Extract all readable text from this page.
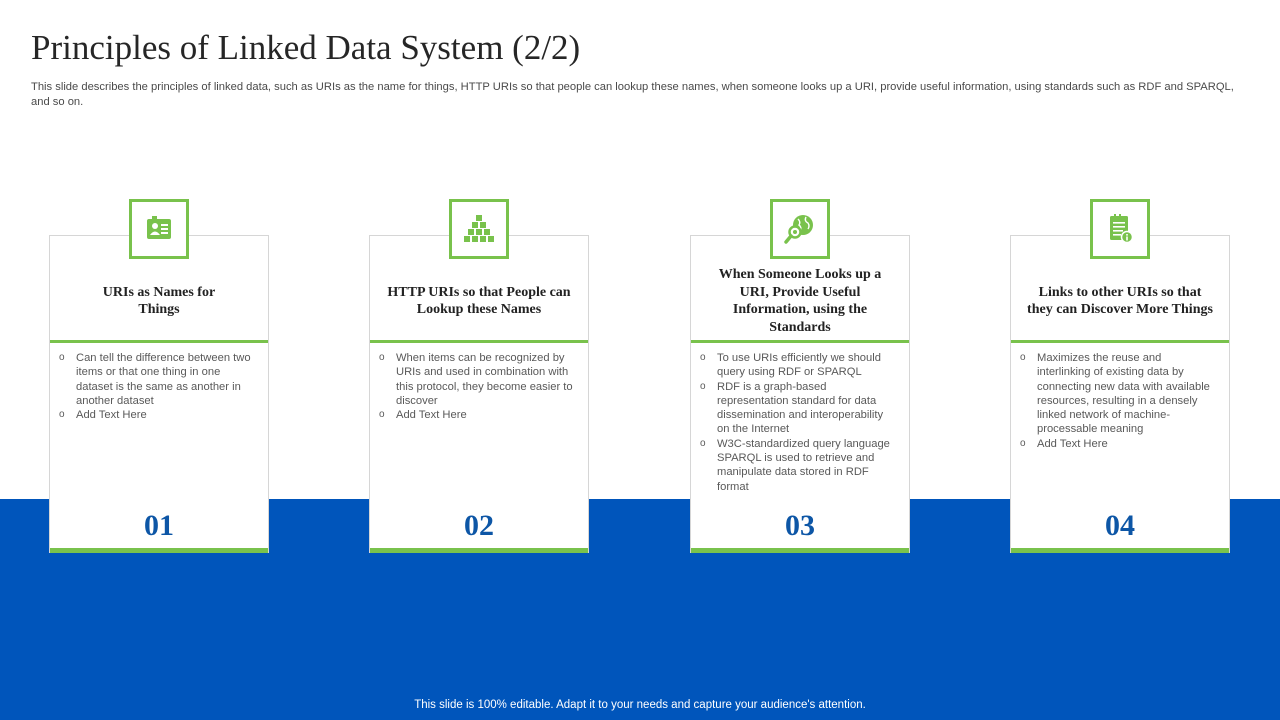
Principles of Linked Data System (2/2)

This slide describes the principles of linked data, such as URIs as the name for things, HTTP URIs so that people can lookup these names, when someone looks up a URI, provide useful information, using standards such as RDF and SPARQL, and so on.

URIs as Names for Things
o Can tell the difference between two items or that one thing in one dataset is the same as another in another dataset
o Add Text Here
01
HTTP URIs so that People can Lookup these Names
o When items can be recognized by URIs and used in combination with this protocol, they become easier to discover
o Add Text Here
02
When Someone Looks up a URI, Provide Useful Information, using the Standards
o To use URIs efficiently we should query using RDF or SPARQL
o RDF is a graph-based representation standard for data dissemination and interoperability on the Internet
o W3C-standardized query language SPARQL is used to retrieve and manipulate data stored in RDF format
03
Links to other URIs so that they can Discover More Things
o Maximizes the reuse and interlinking of existing data by connecting new data with available resources, resulting in a densely linked network of machine-processable meaning
o Add Text Here
04
This slide is 100% editable. Adapt it to your needs and capture your audience's attention.
